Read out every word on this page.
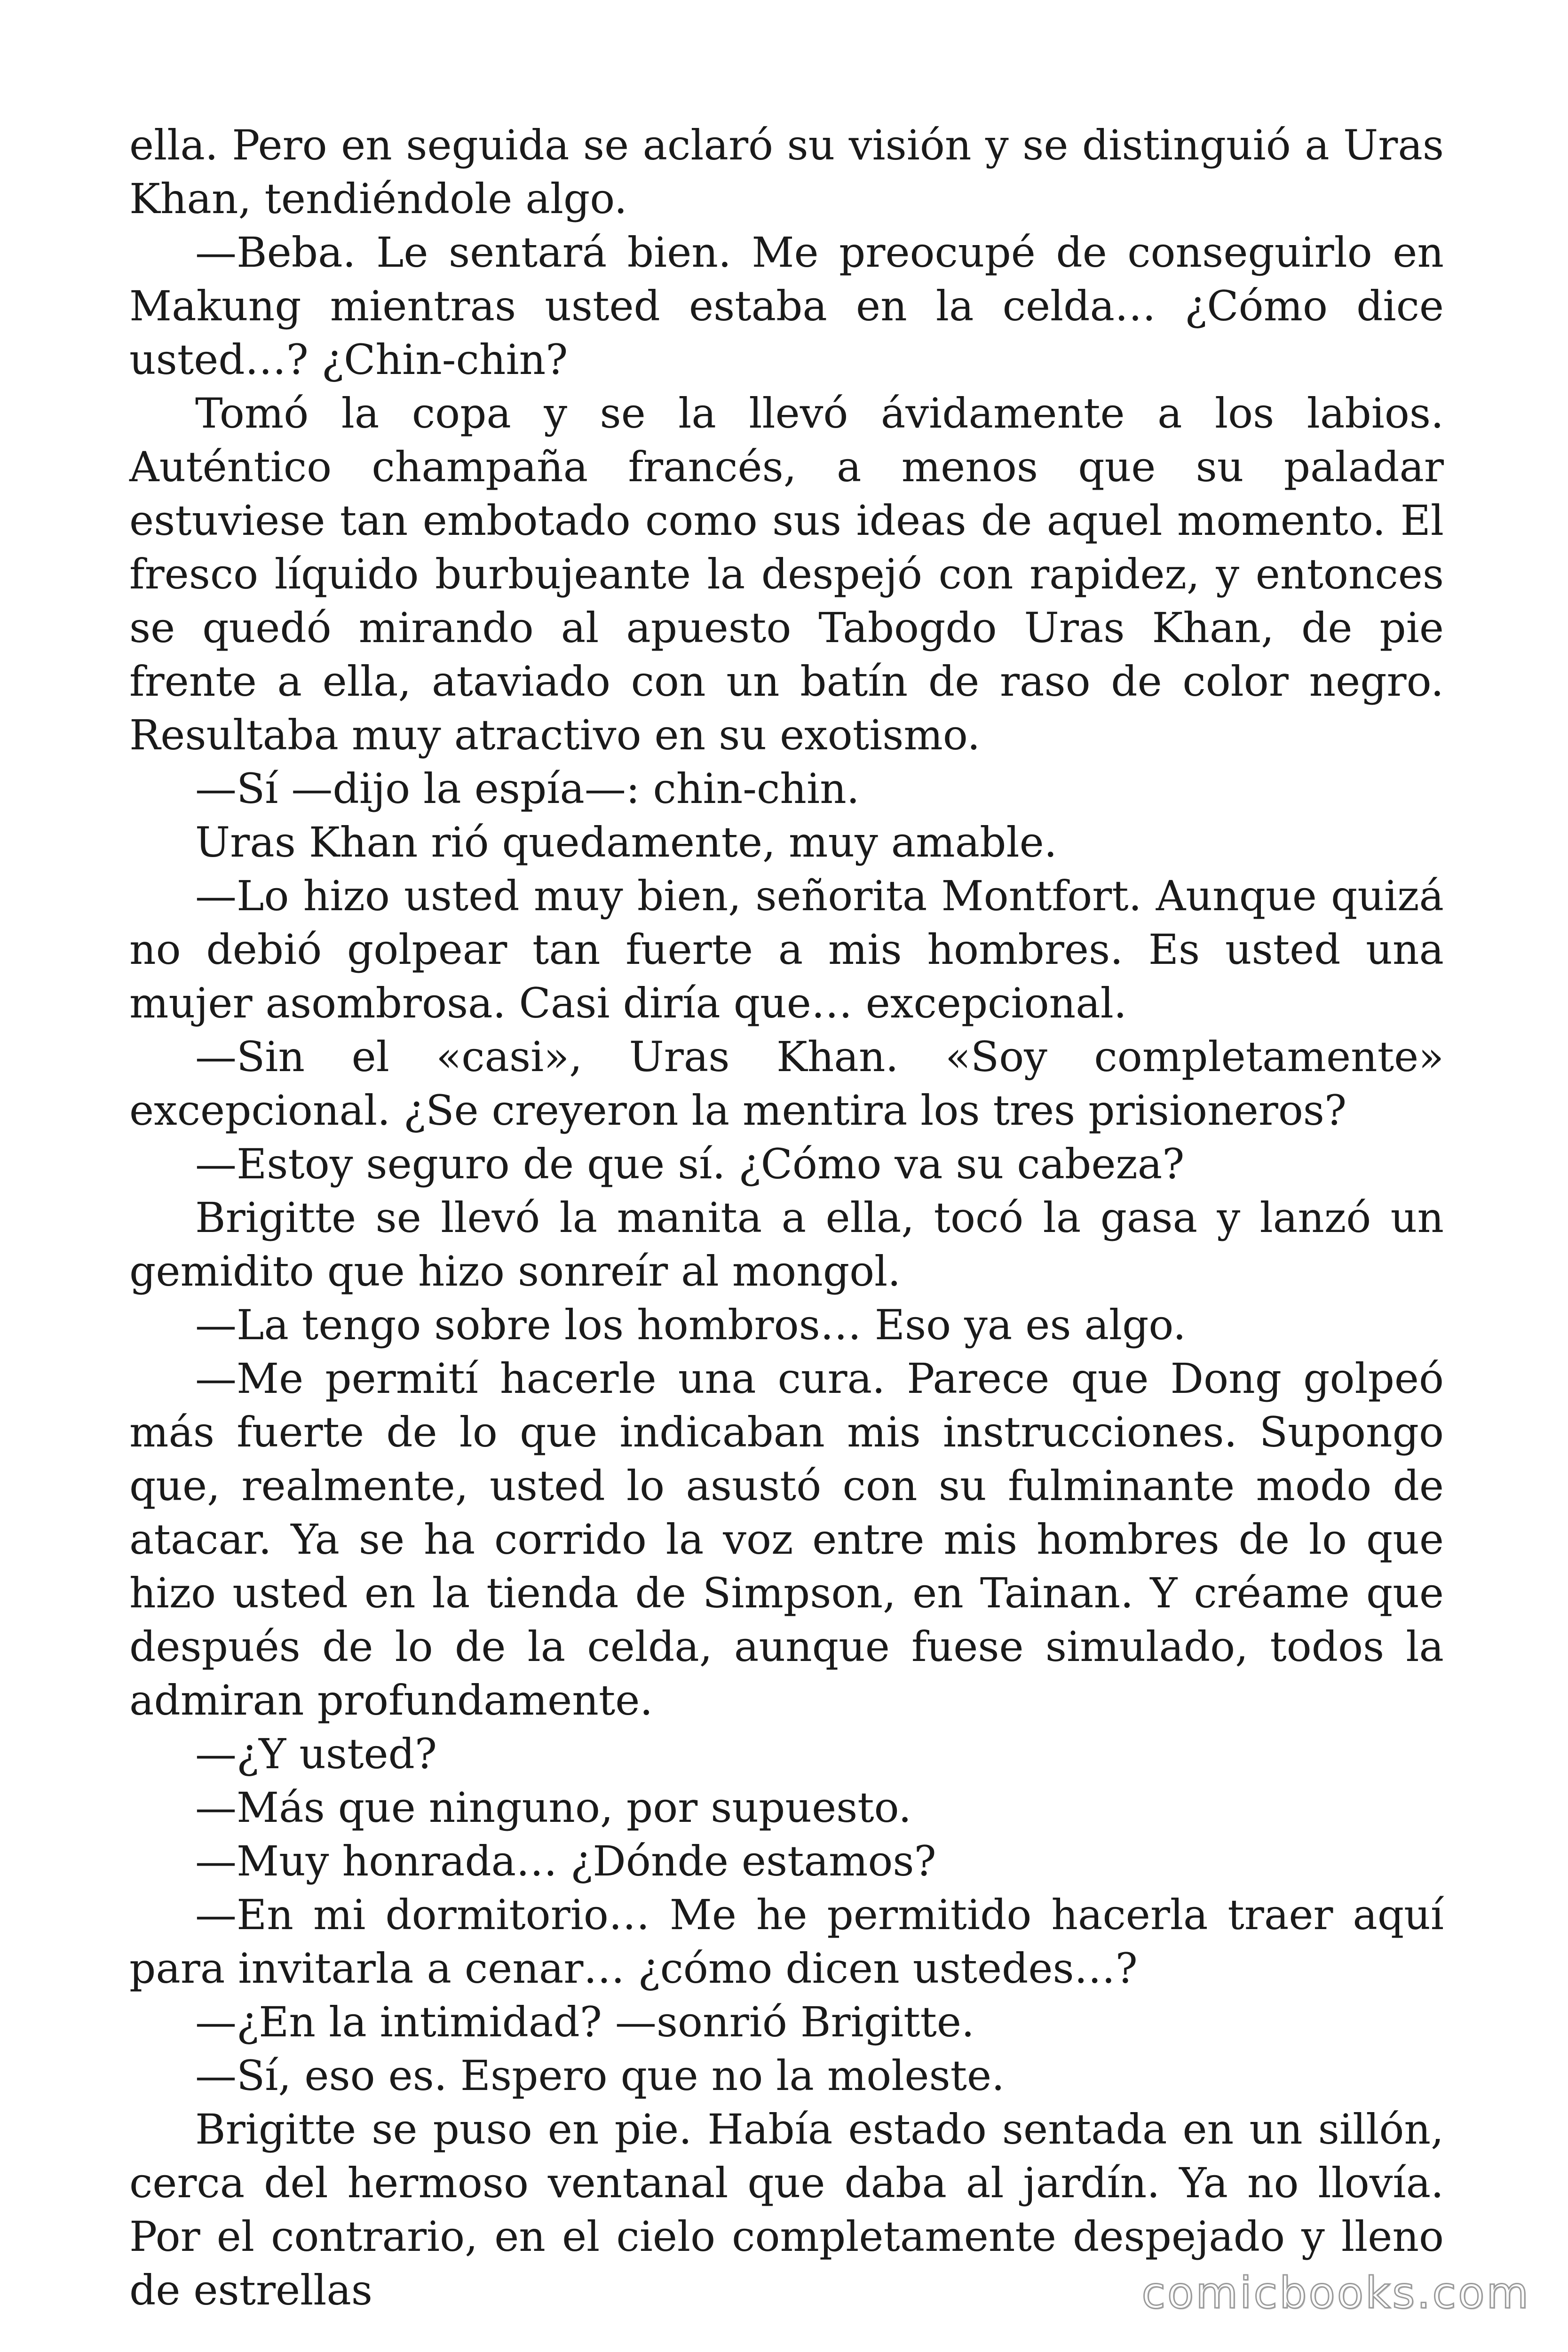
ella. Pero en seguida se aclaró su visión y se distinguió a Uras Khan, tendiéndole algo.

—Beba. Le sentará bien. Me preocupé de conseguirlo en Makung mientras usted estaba en la celda… ¿Cómo dice usted…? ¿Chin-chin?

Tomó la copa y se la llevó ávidamente a los labios. Auténtico champaña francés, a menos que su paladar estuviese tan embotado como sus ideas de aquel momento. El fresco líquido burbujeante la despejó con rapidez, y entonces se quedó mirando al apuesto Tabogdo Uras Khan, de pie frente a ella, ataviado con un batín de raso de color negro. Resultaba muy atractivo en su exotismo.

—Sí —dijo la espía—: chin-chin.

Uras Khan rió quedamente, muy amable.

—Lo hizo usted muy bien, señorita Montfort. Aunque quizá no debió golpear tan fuerte a mis hombres. Es usted una mujer asombrosa. Casi diría que… excepcional.

—Sin el «casi», Uras Khan. «Soy completamente» excepcional. ¿Se creyeron la mentira los tres prisioneros?

—Estoy seguro de que sí. ¿Cómo va su cabeza?

Brigitte se llevó la manita a ella, tocó la gasa y lanzó un gemidito que hizo sonreír al mongol.

—La tengo sobre los hombros… Eso ya es algo.

—Me permití hacerle una cura. Parece que Dong golpeó más fuerte de lo que indicaban mis instrucciones. Supongo que, realmente, usted lo asustó con su fulminante modo de atacar. Ya se ha corrido la voz entre mis hombres de lo que hizo usted en la tienda de Simpson, en Tainan. Y créame que después de lo de la celda, aunque fuese simulado, todos la admiran profundamente.

—¿Y usted?

—Más que ninguno, por supuesto.

—Muy honrada… ¿Dónde estamos?

—En mi dormitorio… Me he permitido hacerla traer aquí para invitarla a cenar… ¿cómo dicen ustedes…?

—¿En la intimidad? —sonrió Brigitte.

—Sí, eso es. Espero que no la moleste.

Brigitte se puso en pie. Había estado sentada en un sillón, cerca del hermoso ventanal que daba al jardín. Ya no llovía. Por el contrario, en el cielo completamente despejado y lleno de estrellas	comicbooks.com
